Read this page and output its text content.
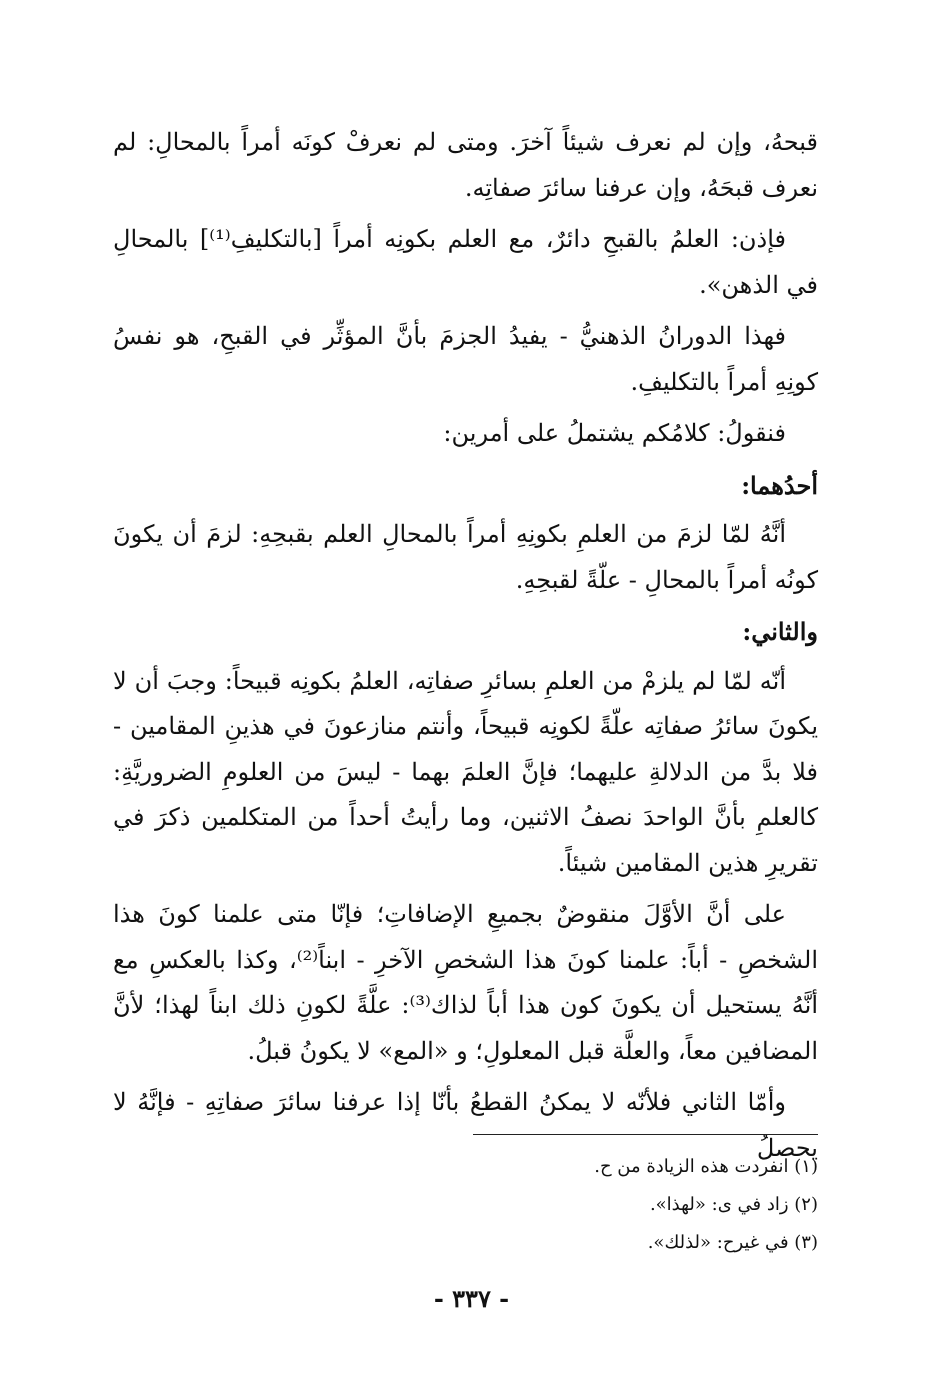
قبحهُ، وإن لم نعرف شيئاً آخرَ. ومتى لم نعرفْ كونَه أمراً بالمحالِ: لم نعرف قبحَهُ، وإن عرفنا سائرَ صفاتِه.

فإذن: العلمُ بالقبحِ دائرٌ، مع العلم بكونِه أمراً [بالتكليفِ⁽¹⁾] بالمحالِ في الذهن».

فهذا الدورانُ الذهنيُّ - يفيدُ الجزمَ بأنَّ المؤثِّر في القبحِ، هو نفسُ كونِهِ أمراً بالتكليفِ.

فنقولُ: كلامُكم يشتملُ على أمرين:

أحدُهما:

أنَّهُ لمّا لزمَ من العلمِ بكونِهِ أمراً بالمحالِ العلم بقبحِهِ: لزمَ أن يكونَ كونُه أمراً بالمحالِ - علّةً لقبحِهِ.

والثاني:

أنّه لمّا لم يلزمْ من العلمِ بسائرِ صفاتِه، العلمُ بكونِه قبيحاً: وجبَ أن لا يكونَ سائرُ صفاتِه علّةً لكونِه قبيحاً، وأنتم منازعونَ في هذينِ المقامين - فلا بدَّ من الدلالةِ عليهما؛ فإنَّ العلمَ بهما - ليسَ من العلومِ الضروريَّةِ: كالعلمِ بأنَّ الواحدَ نصفُ الاثنين، وما رأيتُ أحداً من المتكلمين ذكرَ في تقريرِ هذين المقامين شيئاً.

على أنَّ الأوَّلَ منقوضٌ بجميعِ الإضافاتِ؛ فإنّا متى علمنا كونَ هذا الشخصِ - أباً: علمنا كونَ هذا الشخصِ الآخرِ - ابناً⁽²⁾، وكذا بالعكسِ مع أنَّهُ يستحيل أن يكونَ كون هذا أباً لذاك⁽³⁾: علَّةً لكونِ ذلك ابناً لهذا؛ لأنَّ المضافين معاً، والعلَّة قبل المعلولِ؛ و «المع» لا يكونُ قبلُ.

وأمّا الثاني فلأنّه لا يمكنُ القطعُ بأنّا إذا عرفنا سائرَ صفاتِهِ - فإنَّهُ لا يحصلُ

(١) انفردت هذه الزيادة من ح.

(٢) زاد في ى: «لهذا».

(٣) في غيرح: «لذلك».

- ٣٣٧ -
